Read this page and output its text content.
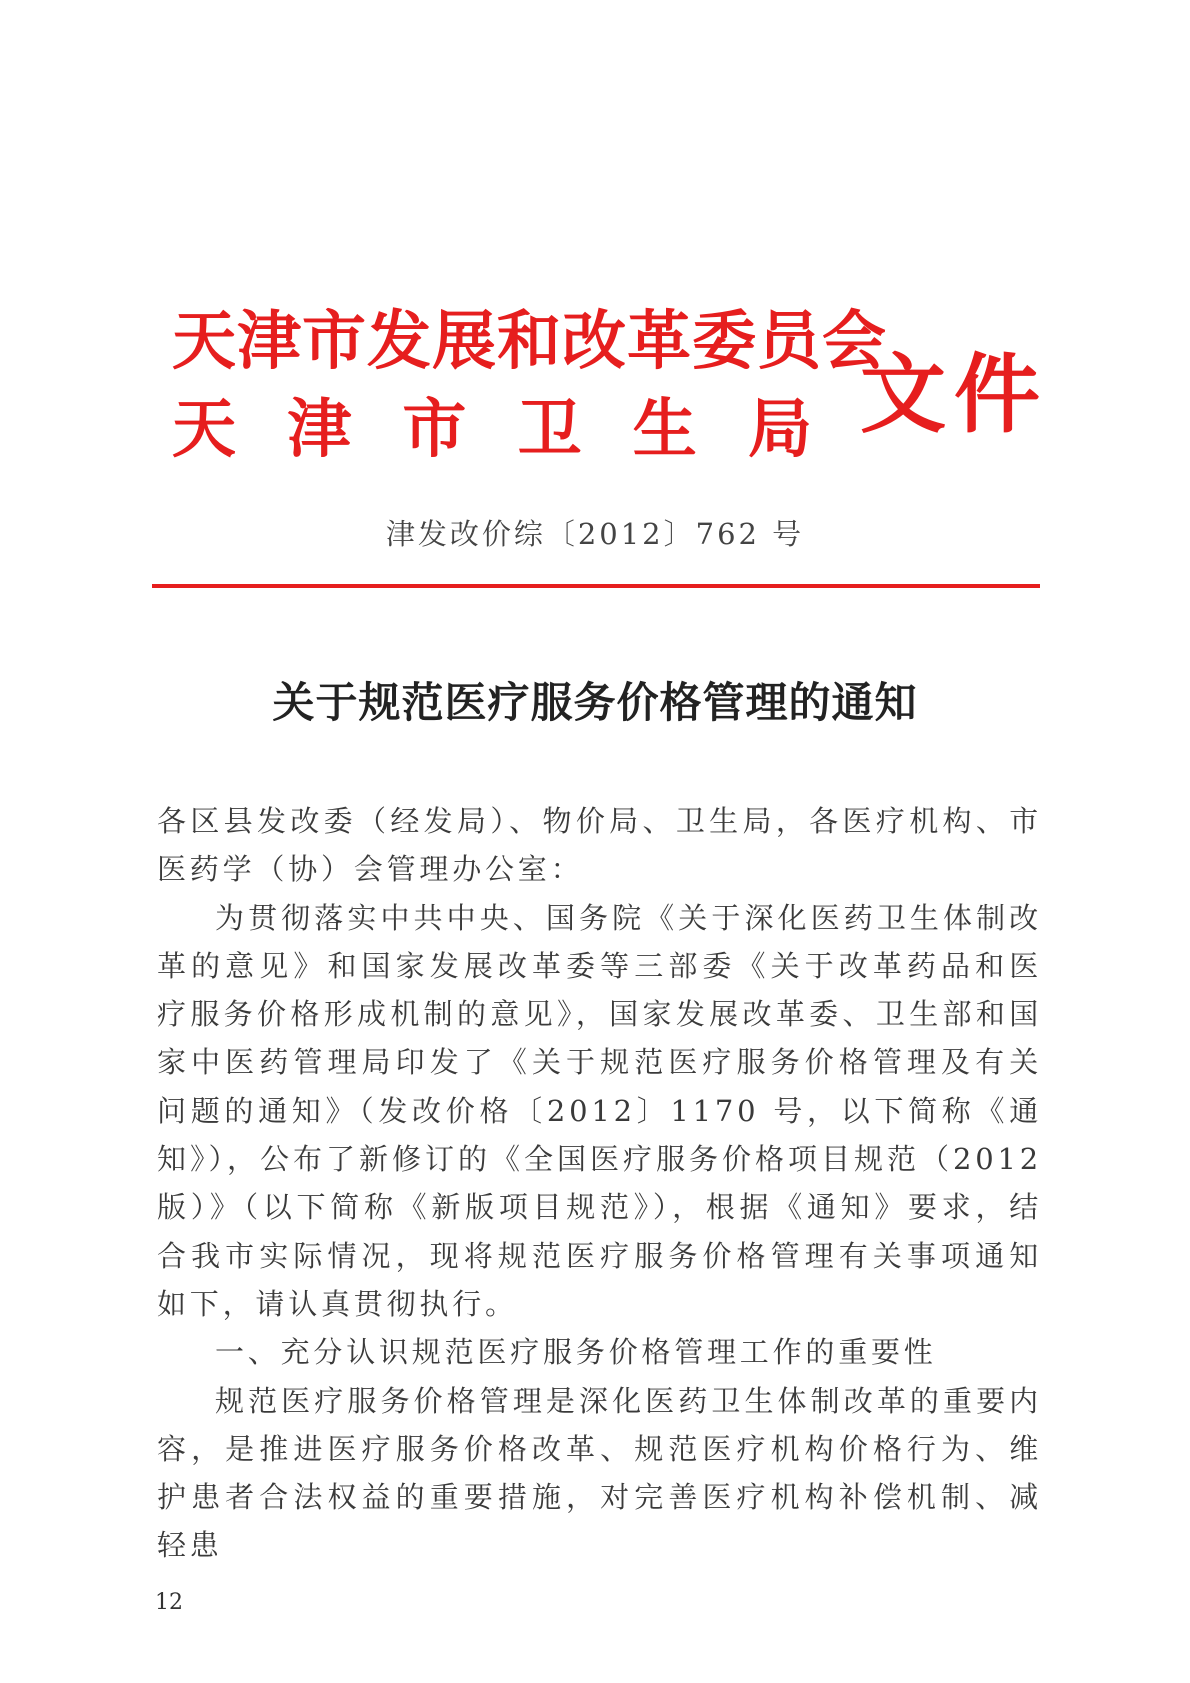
天津市发展和改革委员会
天 津 市 卫 生 局 文件
津发改价综〔2012〕762 号
关于规范医疗服务价格管理的通知

各区县发改委（经发局）、物价局、卫生局，各医疗机构、市医药学（协）会管理办公室：

为贯彻落实中共中央、国务院《关于深化医药卫生体制改革的意见》和国家发展改革委等三部委《关于改革药品和医疗服务价格形成机制的意见》，国家发展改革委、卫生部和国家中医药管理局印发了《关于规范医疗服务价格管理及有关问题的通知》（发改价格〔2012〕1170 号，以下简称《通知》），公布了新修订的《全国医疗服务价格项目规范（2012 版）》（以下简称《新版项目规范》），根据《通知》要求，结合我市实际情况，现将规范医疗服务价格管理有关事项通知如下，请认真贯彻执行。

一、充分认识规范医疗服务价格管理工作的重要性

规范医疗服务价格管理是深化医药卫生体制改革的重要内容，是推进医疗服务价格改革、规范医疗机构价格行为、维护患者合法权益的重要措施，对完善医疗机构补偿机制、减轻患

12
